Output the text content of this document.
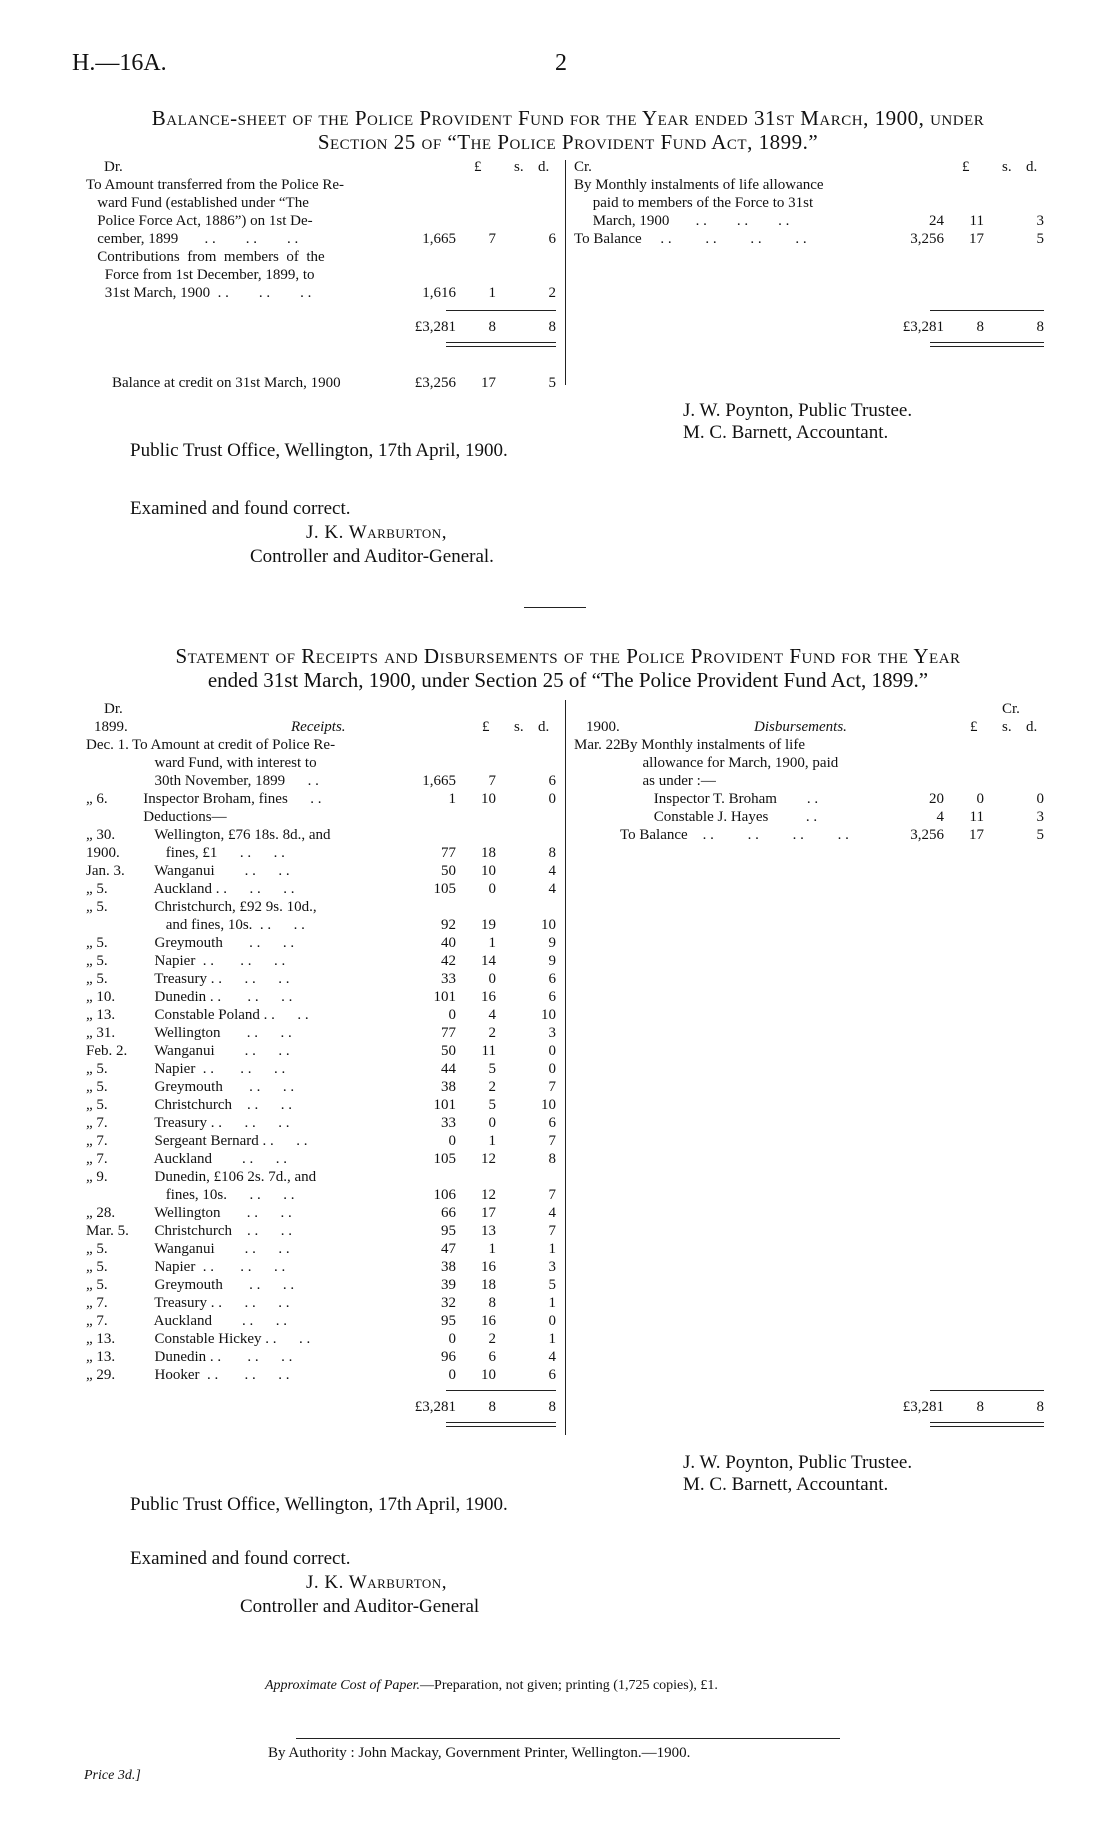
H.—16A.	2
Balance-sheet of the Police Provident Fund for the Year ended 31st March, 1900, under
Section 25 of “The Police Provident Fund Act, 1899.”
Dr.	£ s. d.
To Amount transferred from the Police Re-
ward Fund (established under “The
Police Force Act, 1886”) on 1st De-
cember, 1899       . .        . .        . .	1,665	7	6
Contributions  from  members  of  the
Force from 1st December, 1899, to
31st March, 1900  . .        . .        . .	1,616	1	2
£3,281	8	8
Cr.	£ s. d.
By Monthly instalments of life allowance
paid to members of the Force to 31st
March, 1900       . .        . .        . .	24	11	3
To Balance     . .         . .         . .         . .	3,256	17	5
£3,281	8	8
Balance at credit on 31st March, 1900	£3,256	17	5
J. W. Poynton, Public Trustee.
M. C. Barnett, Accountant.
Public Trust Office, Wellington, 17th April, 1900.
Examined and found correct.
J. K. Warburton,
Controller and Auditor-General.
Statement of Receipts and Disbursements of the Police Provident Fund for the Year
ended 31st March, 1900, under Section 25 of “The Police Provident Fund Act, 1899.”
Dr.
1899.	Receipts.	£ s. d.
Dec. 1. To Amount at credit of Police Re-
ward Fund, with interest to
30th November, 1899      . .	1,665	7	6
„ 6. Inspector Broham, fines      . .	1	10	0
Deductions—
„ 30. Wellington, £76 18s. 8d., and
1900. fines, £1      . .      . .	77	18	8
Jan. 3. Wanganui        . .      . .	50	10	4
„ 5. Auckland . .      . .      . .	105	0	4
„ 5. Christchurch, £92 9s. 10d.,
and fines, 10s.  . .      . .	92	19	10
„ 5. Greymouth       . .      . .	40	1	9
„ 5. Napier  . .       . .      . .	42	14	9
„ 5. Treasury . .      . .      . .	33	0	6
„ 10. Dunedin . .       . .      . .	101	16	6
„ 13. Constable Poland . .      . .	0	4	10
„ 31. Wellington       . .      . .	77	2	3
Feb. 2. Wanganui        . .      . .	50	11	0
„ 5. Napier  . .       . .      . .	44	5	0
„ 5. Greymouth       . .      . .	38	2	7
„ 5. Christchurch    . .      . .	101	5	10
„ 7. Treasury . .      . .      . .	33	0	6
„ 7. Sergeant Bernard . .      . .	0	1	7
„ 7. Auckland        . .      . .	105	12	8
„ 9. Dunedin, £106 2s. 7d., and
fines, 10s.      . .      . .	106	12	7
„ 28. Wellington       . .      . .	66	17	4
Mar. 5. Christchurch    . .      . .	95	13	7
„ 5. Wanganui        . .      . .	47	1	1
„ 5. Napier  . .       . .      . .	38	16	3
„ 5. Greymouth       . .      . .	39	18	5
„ 7. Treasury . .      . .      . .	32	8	1
„ 7. Auckland        . .      . .	95	16	0
„ 13. Constable Hickey . .      . .	0	2	1
„ 13. Dunedin . .       . .      . .	96	6	4
„ 29. Hooker  . .       . .      . .	0	10	6
£3,281	8	8
Cr.
1900.	Disbursements.	£ s. d.
Mar. 22.
By Monthly instalments of life
allowance for March, 1900, paid
as under :—
Inspector T. Broham        . .	20	0	0
Constable J. Hayes          . .	4	11	3
To Balance    . .         . .         . .         . .	3,256	17	5
£3,281	8	8
J. W. Poynton, Public Trustee.
M. C. Barnett, Accountant.
Public Trust Office, Wellington, 17th April, 1900.
Examined and found correct.
J. K. Warburton,
Controller and Auditor-General
Approximate Cost of Paper.—Preparation, not given; printing (1,725 copies), £1.
By Authority : John Mackay, Government Printer, Wellington.—1900.
Price 3d.]
